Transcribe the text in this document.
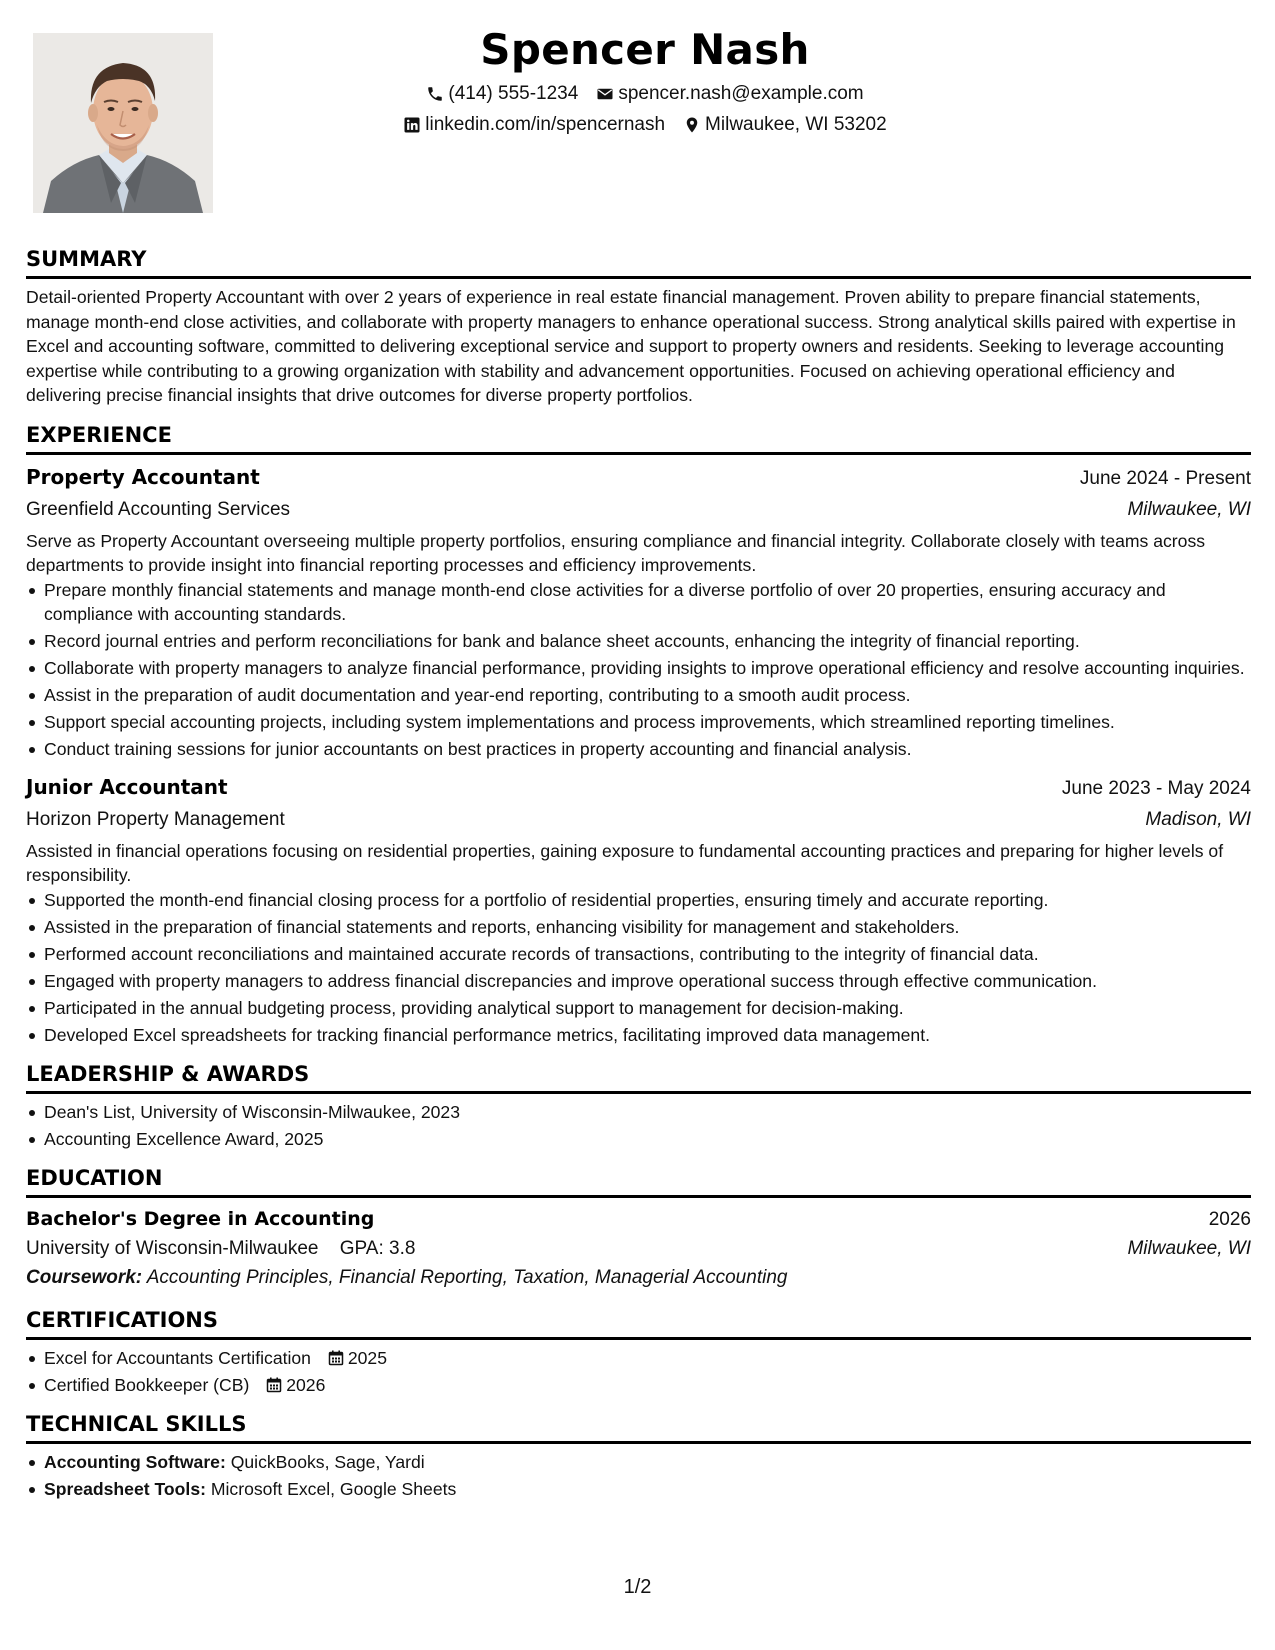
Spencer Nash
(414) 555-1234 spencer.nash@example.com
linkedin.com/in/spencernash Milwaukee, WI 53202
SUMMARY
Detail-oriented Property Accountant with over 2 years of experience in real estate financial management. Proven ability to prepare financial statements, manage month-end close activities, and collaborate with property managers to enhance operational success. Strong analytical skills paired with expertise in Excel and accounting software, committed to delivering exceptional service and support to property owners and residents. Seeking to leverage accounting expertise while contributing to a growing organization with stability and advancement opportunities. Focused on achieving operational efficiency and delivering precise financial insights that drive outcomes for diverse property portfolios.
EXPERIENCE
Property Accountant	June 2024 - Present
Greenfield Accounting Services	Milwaukee, WI
Serve as Property Accountant overseeing multiple property portfolios, ensuring compliance and financial integrity. Collaborate closely with teams across departments to provide insight into financial reporting processes and efficiency improvements.
Prepare monthly financial statements and manage month-end close activities for a diverse portfolio of over 20 properties, ensuring accuracy and compliance with accounting standards.
Record journal entries and perform reconciliations for bank and balance sheet accounts, enhancing the integrity of financial reporting.
Collaborate with property managers to analyze financial performance, providing insights to improve operational efficiency and resolve accounting inquiries.
Assist in the preparation of audit documentation and year-end reporting, contributing to a smooth audit process.
Support special accounting projects, including system implementations and process improvements, which streamlined reporting timelines.
Conduct training sessions for junior accountants on best practices in property accounting and financial analysis.
Junior Accountant	June 2023 - May 2024
Horizon Property Management	Madison, WI
Assisted in financial operations focusing on residential properties, gaining exposure to fundamental accounting practices and preparing for higher levels of responsibility.
Supported the month-end financial closing process for a portfolio of residential properties, ensuring timely and accurate reporting.
Assisted in the preparation of financial statements and reports, enhancing visibility for management and stakeholders.
Performed account reconciliations and maintained accurate records of transactions, contributing to the integrity of financial data.
Engaged with property managers to address financial discrepancies and improve operational success through effective communication.
Participated in the annual budgeting process, providing analytical support to management for decision-making.
Developed Excel spreadsheets for tracking financial performance metrics, facilitating improved data management.
LEADERSHIP & AWARDS
Dean's List, University of Wisconsin-Milwaukee, 2023
Accounting Excellence Award, 2025
EDUCATION
Bachelor's Degree in Accounting	2026
University of Wisconsin-Milwaukee GPA: 3.8	Milwaukee, WI
Coursework: Accounting Principles, Financial Reporting, Taxation, Managerial Accounting
CERTIFICATIONS
Excel for Accountants Certification 2025
Certified Bookkeeper (CB) 2026
TECHNICAL SKILLS
Accounting Software: QuickBooks, Sage, Yardi
Spreadsheet Tools: Microsoft Excel, Google Sheets
1/2
